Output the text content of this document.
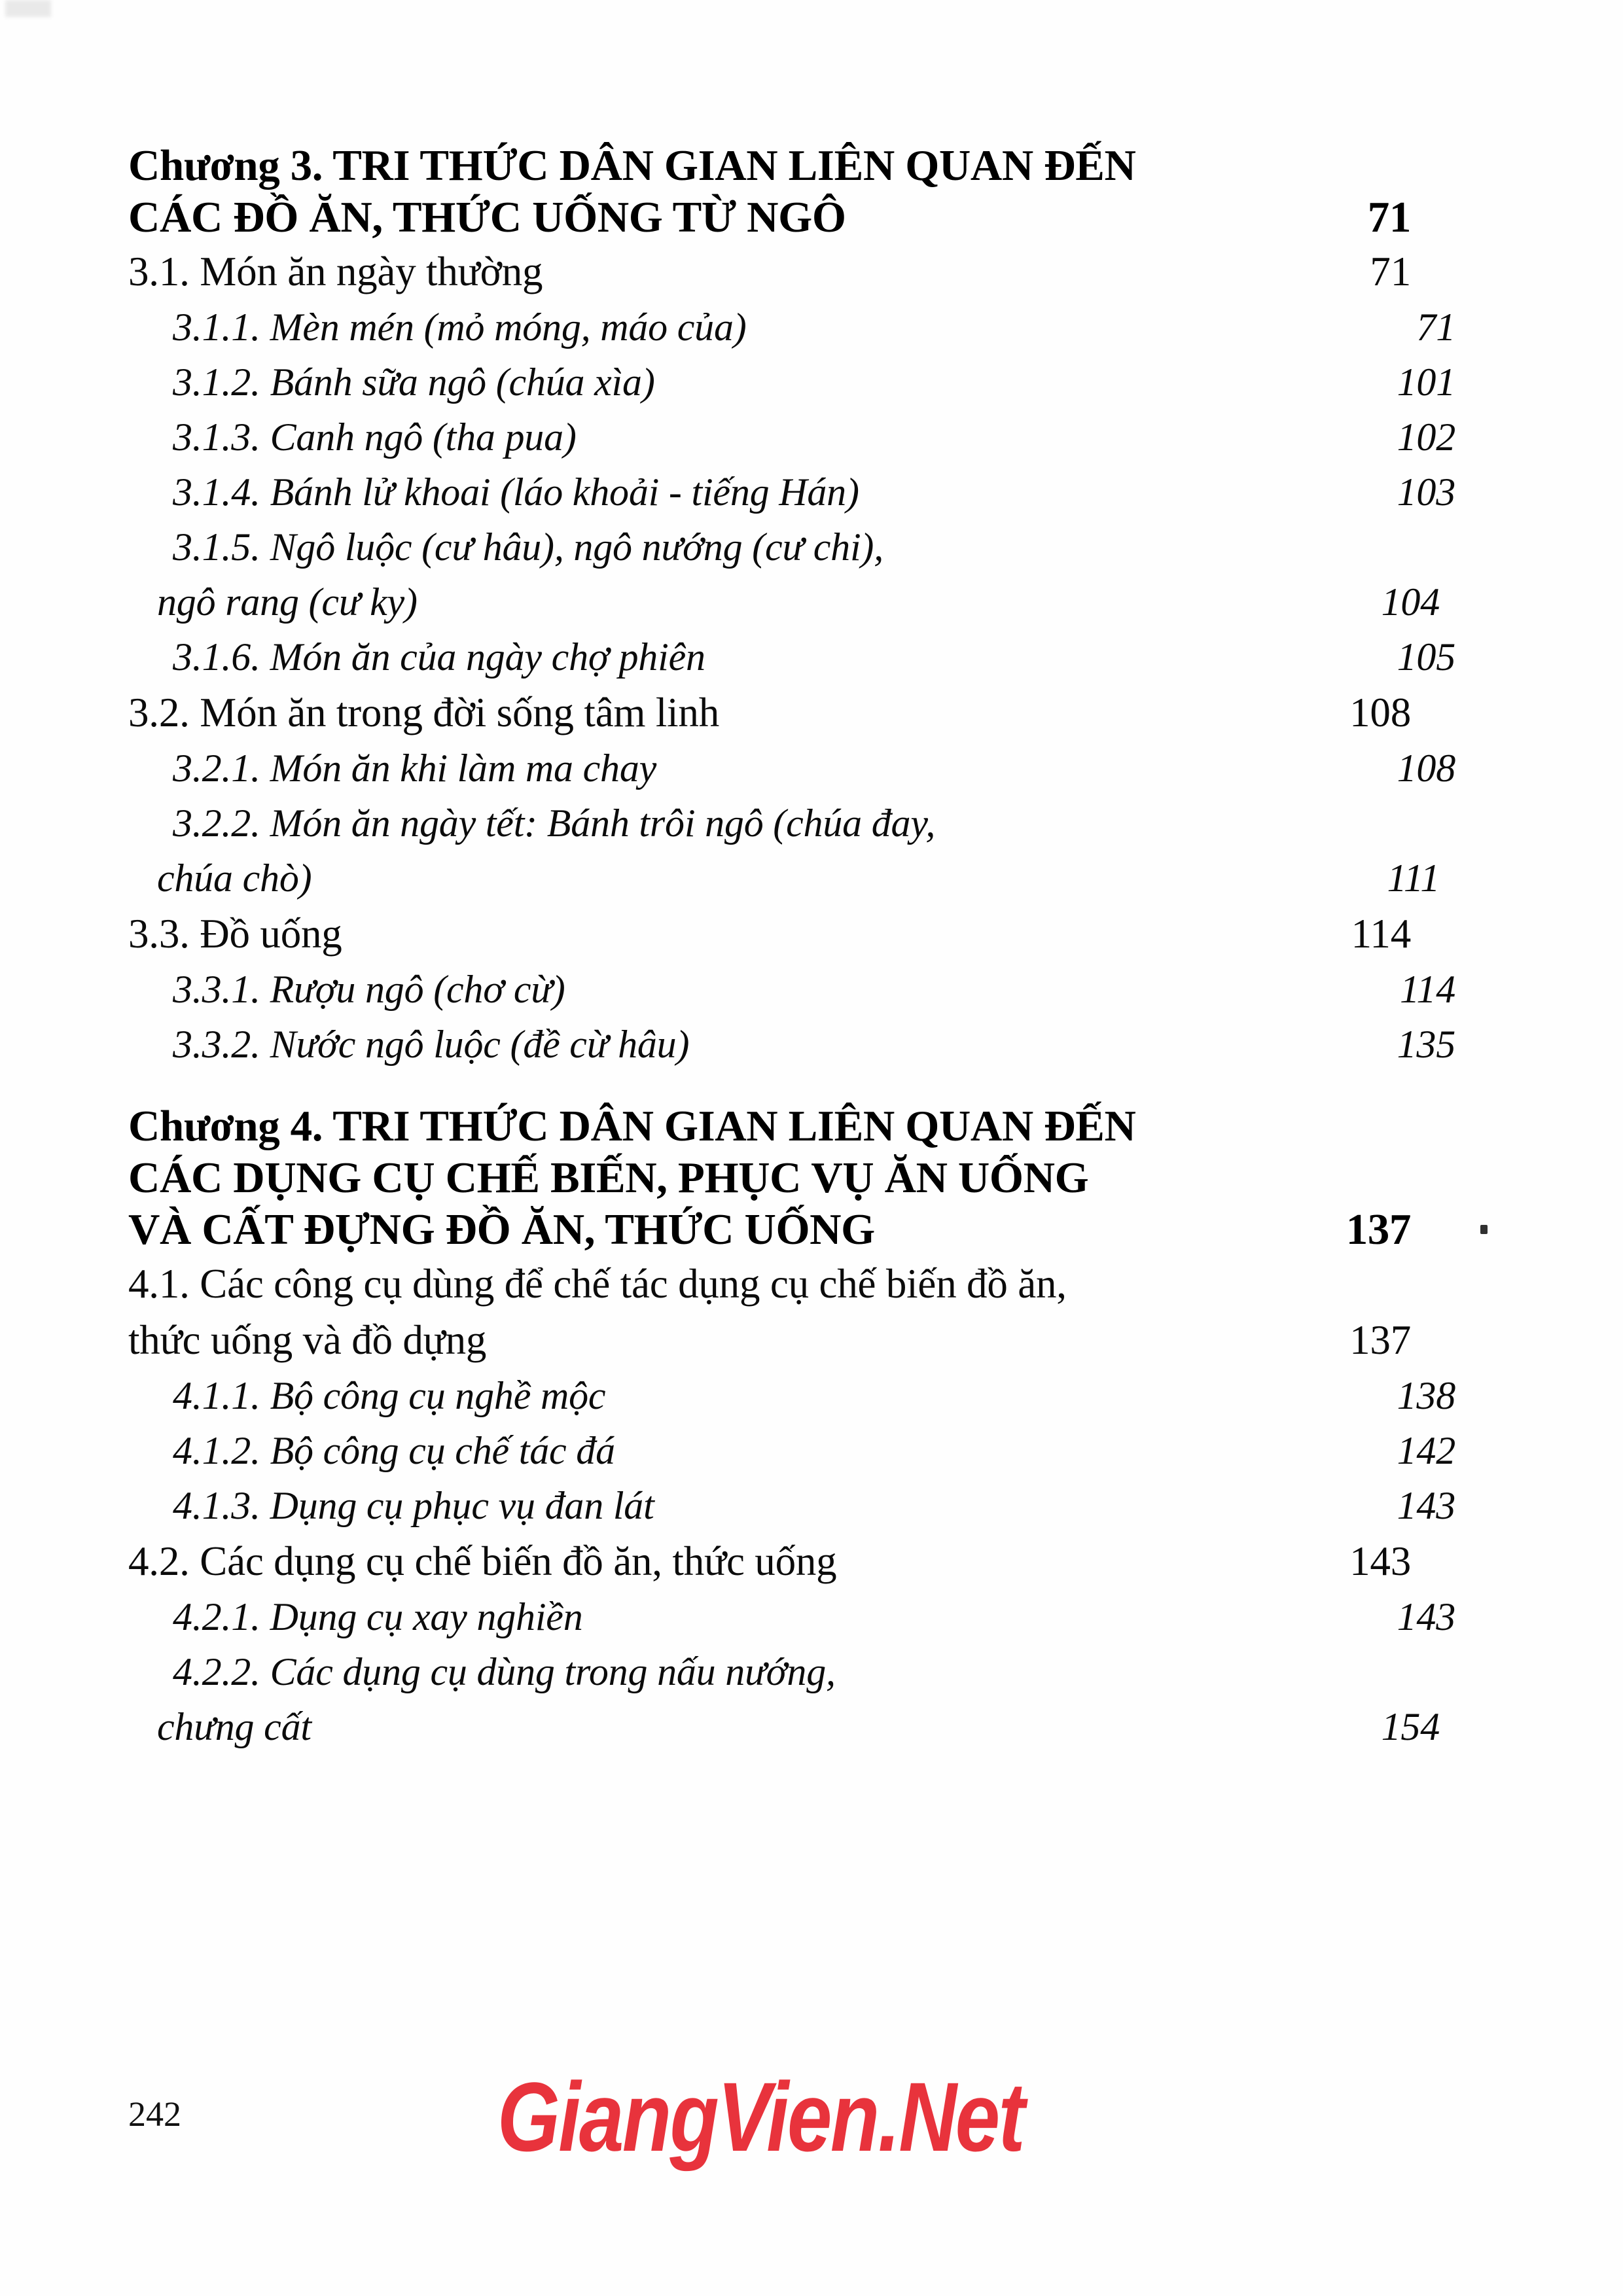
Chương 3. TRI THỨC DÂN GIAN LIÊN QUAN ĐẾN
CÁC ĐỒ ĂN, THỨC UỐNG TỪ NGÔ	71
3.1. Món ăn ngày thường	71
3.1.1. Mèn mén (mỏ móng, máo của)	71
3.1.2. Bánh sữa ngô (chúa xìa)	101
3.1.3. Canh ngô (tha pua)	102
3.1.4. Bánh lử khoai (láo khoải - tiếng Hán)	103
3.1.5. Ngô luộc (cư hâu), ngô nướng (cư chi),
ngô rang (cư ky)	104
3.1.6. Món ăn của ngày chợ phiên	105
3.2. Món ăn trong đời sống tâm linh	108
3.2.1. Món ăn khi làm ma chay	108
3.2.2. Món ăn ngày tết: Bánh trôi ngô (chúa đay,
chúa chò)	111
3.3. Đồ uống	114
3.3.1. Rượu ngô (chơ cừ)	114
3.3.2. Nước ngô luộc (đề cừ hâu)	135
Chương 4. TRI THỨC DÂN GIAN LIÊN QUAN ĐẾN
CÁC DỤNG CỤ CHẾ BIẾN, PHỤC VỤ ĂN UỐNG
VÀ CẤT ĐỰNG ĐỒ ĂN, THỨC UỐNG	137
4.1. Các công cụ dùng để chế tác dụng cụ chế biến đồ ăn,
thức uống và đồ dựng	137
4.1.1. Bộ công cụ nghề mộc	138
4.1.2. Bộ công cụ chế tác đá	142
4.1.3. Dụng cụ phục vụ đan lát	143
4.2. Các dụng cụ chế biến đồ ăn, thức uống	143
4.2.1. Dụng cụ xay nghiền	143
4.2.2. Các dụng cụ dùng trong nấu nướng,
chưng cất	154
242	GiangVien.Net
